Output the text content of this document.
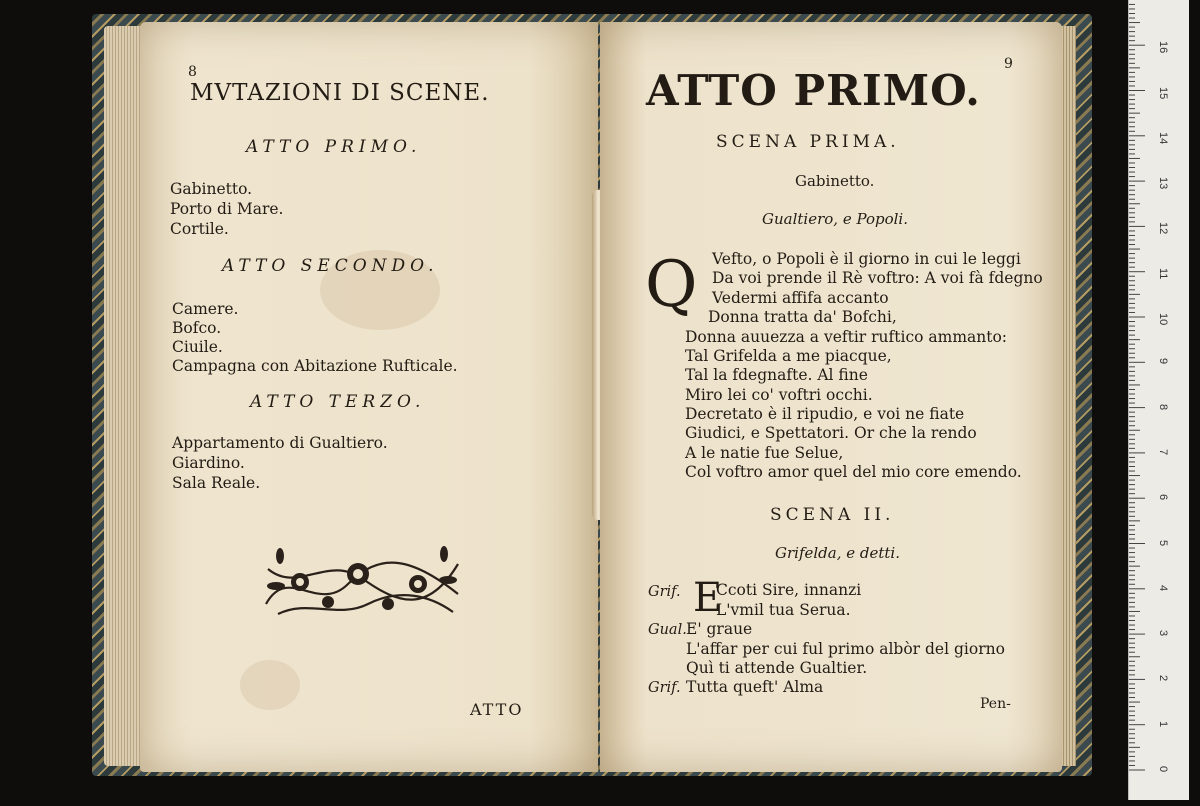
8
MVTAZIONI DI SCENE.
ATTO PRIMO.
Gabinetto.
Porto di Mare.
Cortile.
ATTO SECONDO.
Camere.
Bofco.
Ciuile.
Campagna con Abitazione Rufticale.
ATTO TERZO.
Appartamento di Gualtiero.
Giardino.
Sala Reale.
ATTO
9
ATTO PRIMO.
SCENA PRIMA.
Gabinetto.
Gualtiero, e Popoli.
Q Vefto, o Popoli è il giorno in cui le leggi
Da voi prende il Rè voftro: A voi fà fdegno
Vedermi affifa accanto
Donna tratta da' Bofchi,
Donna auuezza a veftir ruftico ammanto:
Tal Grifelda a me piacque,
Tal la fdegnafte. Al fine
Miro lei co' voftri occhi.
Decretato è il ripudio, e voi ne fiate
Giudici, e Spettatori. Or che la rendo
A le natie fue Selue,
Col voftro amor quel del mio core emendo.
SCENA II.
Grifelda, e detti.
Grif. E
Ccoti Sire, innanzi
L'vmil tua Serua.
Gual. E' graue
L'affar per cui ful primo albòr del giorno
Quì ti attende Gualtier.
Grif. Tutta queft' Alma
Pen-
0
1
2
3
4
5
6
7
8
9
10
11
12
13
14
15
16
